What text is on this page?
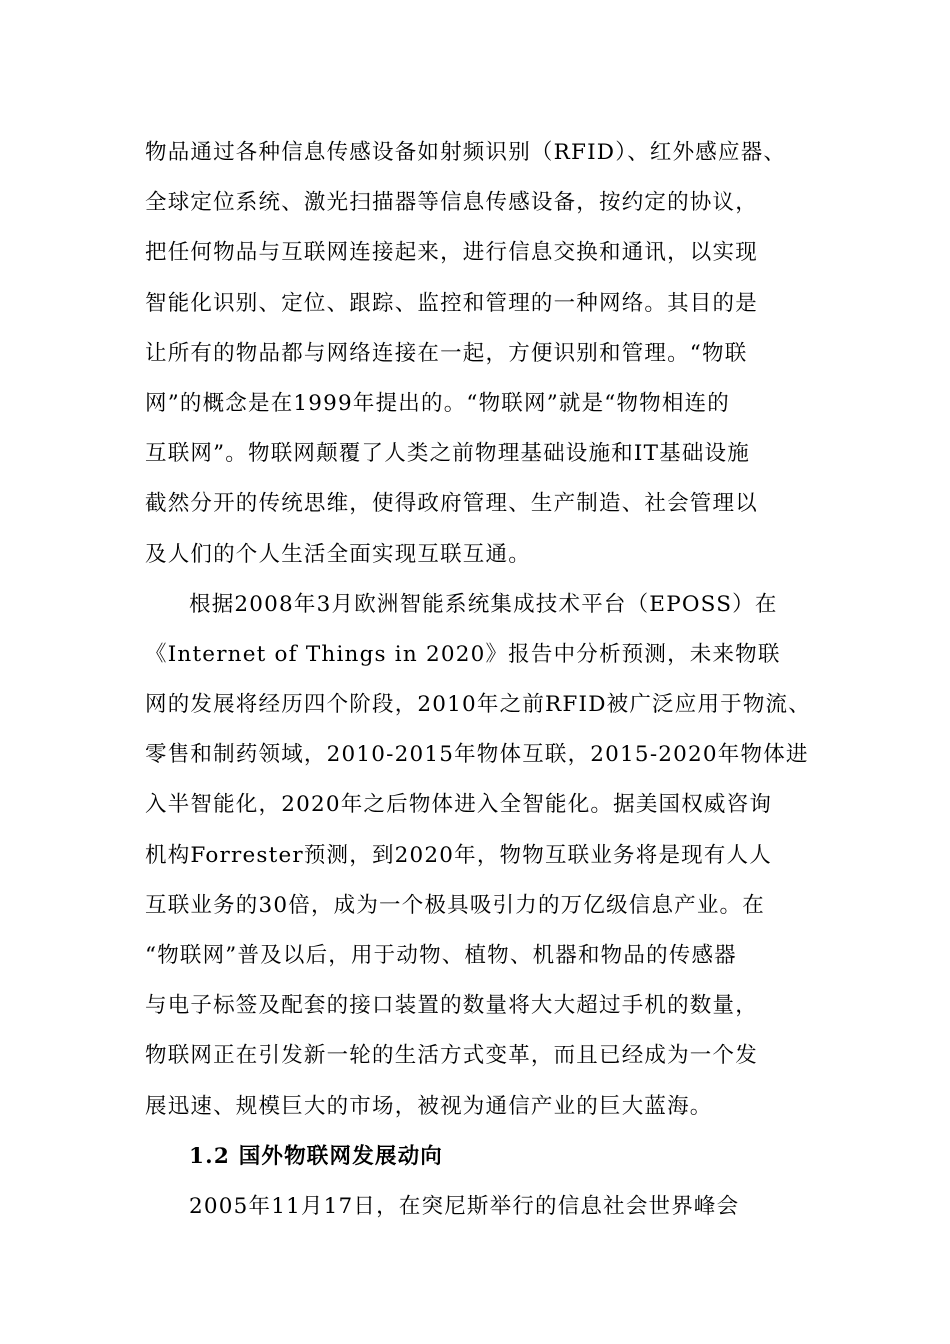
物品通过各种信息传感设备如射频识别（RFID）、红外感应器、
全球定位系统、激光扫描器等信息传感设备，按约定的协议，
把任何物品与互联网连接起来，进行信息交换和通讯，以实现
智能化识别、定位、跟踪、监控和管理的一种网络。其目的是
让所有的物品都与网络连接在一起，方便识别和管理。“物联
网”的概念是在1999年提出的。“物联网”就是“物物相连的
互联网”。物联网颠覆了人类之前物理基础设施和IT基础设施
截然分开的传统思维，使得政府管理、生产制造、社会管理以
及人们的个人生活全面实现互联互通。
根据2008年3月欧洲智能系统集成技术平台（EPOSS）在
《Internet of Things in 2020》报告中分析预测，未来物联
网的发展将经历四个阶段，2010年之前RFID被广泛应用于物流、
零售和制药领域，2010-2015年物体互联，2015-2020年物体进
入半智能化，2020年之后物体进入全智能化。据美国权威咨询
机构Forrester预测，到2020年，物物互联业务将是现有人人
互联业务的30倍，成为一个极具吸引力的万亿级信息产业。在
“物联网”普及以后，用于动物、植物、机器和物品的传感器
与电子标签及配套的接口装置的数量将大大超过手机的数量，
物联网正在引发新一轮的生活方式变革，而且已经成为一个发
展迅速、规模巨大的市场，被视为通信产业的巨大蓝海。
1.2 国外物联网发展动向
2005年11月17日，在突尼斯举行的信息社会世界峰会
